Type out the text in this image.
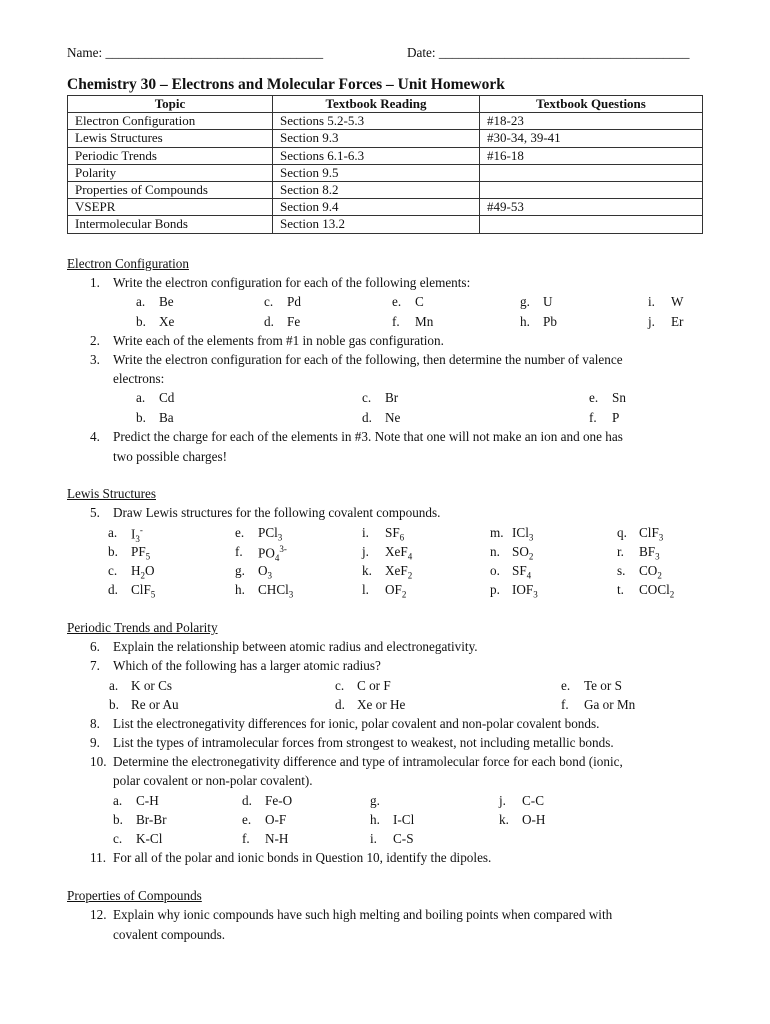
Name: _________________________________	Date: ______________________________________
Chemistry 30 – Electrons and Molecular Forces – Unit Homework
Topic	Textbook Reading	Textbook Questions
Electron Configuration	Sections 5.2-5.3	#18-23
Lewis Structures	Section 9.3	#30-34, 39-41
Periodic Trends	Sections 6.1-6.3	#16-18
Polarity	Section 9.5	
Properties of Compounds	Section 8.2	
VSEPR	Section 9.4	#49-53
Intermolecular Bonds	Section 13.2	
Electron Configuration
1. Write the electron configuration for each of the following elements:
a. Be	c. Pd	e. C	g. U	i. W
b. Xe	d. Fe	f. Mn	h. Pb	j. Er
2. Write each of the elements from #1 in noble gas configuration.
3. Write the electron configuration for each of the following, then determine the number of valence
electrons:
a. Cd	c. Br	e. Sn
b. Ba	d. Ne	f. P
4. Predict the charge for each of the elements in #3. Note that one will not make an ion and one has
two possible charges!
Lewis Structures
5. Draw Lewis structures for the following covalent compounds.
a. $I_3^-$	e. PCl$_3$	i. $SF_6$	m. ICl$_3$	q. ClF$_3$
b. $PF_5$	f. $PO_4^{3-}$	j. XeF$_4$	n. $SO_2$	r. $BF_3$
c. $H_2O$	g. $O_3$	k. XeF$_2$	o. $SF_4$	s. $CO_2$
d. ClF$_5$	h. CHCl$_3$	l. $OF_2$	p. $IOF_3$	t. COCl$_2$
Periodic Trends and Polarity
6. Explain the relationship between atomic radius and electronegativity.
7. Which of the following has a larger atomic radius?
a. K or Cs	c. C or F	e. Te or S
b. Re or Au	d. Xe or He	f. Ga or Mn
8. List the electronegativity differences for ionic, polar covalent and non-polar covalent bonds.
9. List the types of intramolecular forces from strongest to weakest, not including metallic bonds.
10. Determine the electronegativity difference and type of intramolecular force for each bond (ionic,
polar covalent or non-polar covalent).
a. C-H	d. Fe-O	g.	j. C-C
b. Br-Br	e. O-F	h. I-Cl	k. O-H
c. K-Cl	f. N-H	i. C-S
11. For all of the polar and ionic bonds in Question 10, identify the dipoles.
Properties of Compounds
12. Explain why ionic compounds have such high melting and boiling points when compared with
covalent compounds.
